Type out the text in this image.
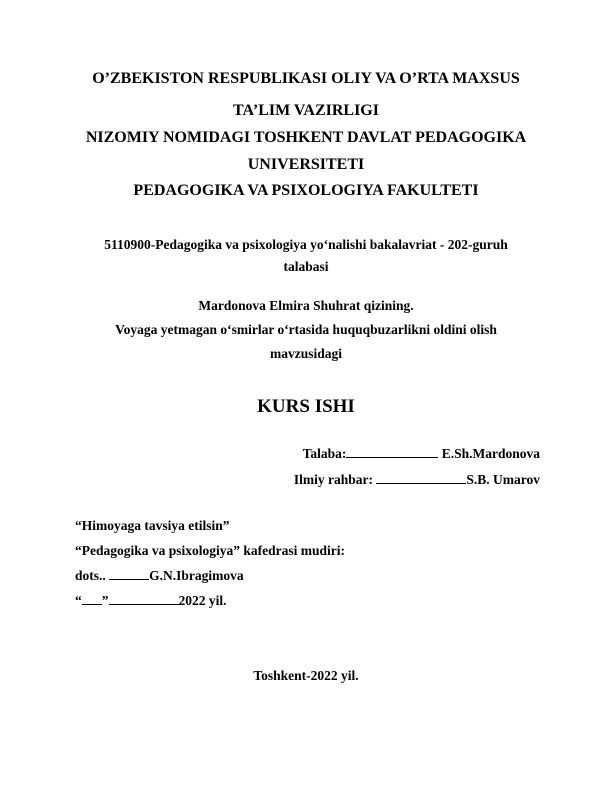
O’ZBEKISTON RESPUBLIKASI OLIY VA O’RTA MAXSUS
TA’LIM VAZIRLIGI
NIZOMIY NOMIDAGI TOSHKENT DAVLAT PEDAGOGIKA
UNIVERSITETI
PEDAGOGIKA VA PSIXOLOGIYA FAKULTETI
5110900-Pedagogika va psixologiya yo‘nalishi bakalavriat - 202-guruh
talabasi
Mardonova Elmira Shuhrat qizining.
Voyaga yetmagan o‘smirlar o‘rtasida huquqbuzarlikni oldini olish
mavzusidagi
KURS ISHI
Talaba:	E.Sh.Mardonova
Ilmiy rahbar:	S.B. Umarov
“Himoyaga tavsiya etilsin”
“Pedagogika va psixologiya” kafedrasi mudiri:
dots..	G.N.Ibragimova
“ ”	2022 yil.
Toshkent-2022 yil.
